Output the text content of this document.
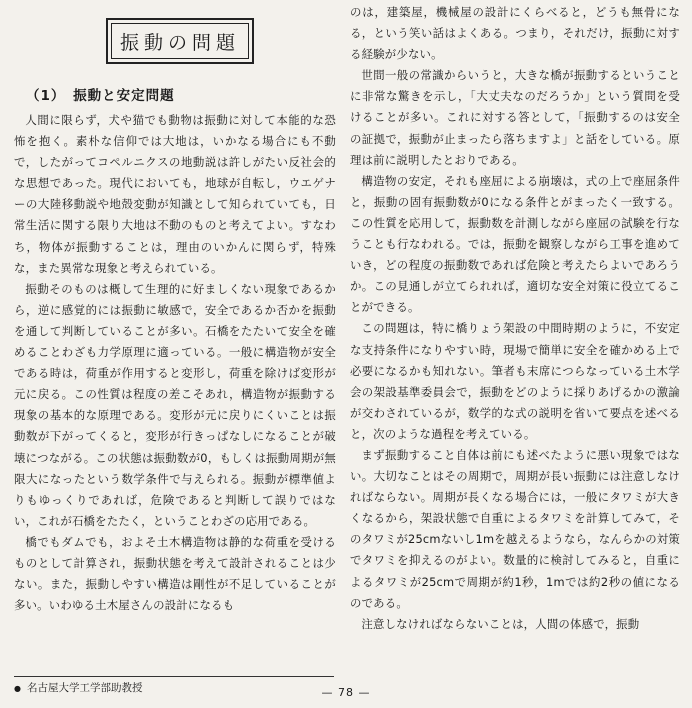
振動の問題
（1）　振動と安定問題

人間に限らず，犬や猫でも動物は振動に対して本能的な恐怖を抱く。素朴な信仰では大地は，いかなる場合にも不動で，したがってコペルニクスの地動説は許しがたい反社会的な思想であった。現代においても，地球が自転し，ウエゲナーの大陸移動説や地殻変動が知識として知られていても，日常生活に関する限り大地は不動のものと考えてよい。すなわち，物体が振動することは，理由のいかんに関らず，特殊な，また異常な現象と考えられている。

振動そのものは概して生理的に好ましくない現象であるから，逆に感覚的には振動に敏感で，安全であるか否かを振動を通して判断していることが多い。石橋をたたいて安全を確めることわざも力学原理に適っている。一般に構造物が安全である時は，荷重が作用すると変形し，荷重を除けば変形が元に戻る。この性質は程度の差こそあれ，構造物が振動する現象の基本的な原理である。変形が元に戻りにくいことは振動数が下がってくると，変形が行きっぱなしになることが破壊につながる。この状態は振動数が0，もしくは振動周期が無限大になったという数学条件で与えられる。振動が標準値よりもゆっくりであれば，危険であると判断して誤りではない，これが石橋をたたく，ということわざの応用である。

橋でもダムでも，およそ土木構造物は静的な荷重を受けるものとして計算され，振動状態を考えて設計されることは少ない。また，振動しやすい構造は剛性が不足していることが多い。いわゆる土木屋さんの設計になるも

のは，建築屋，機械屋の設計にくらべると，どうも無骨になる，という笑い話はよくある。つまり，それだけ，振動に対する経験が少ない。

世間一般の常識からいうと，大きな橋が振動するということに非常な驚きを示し，「大丈夫なのだろうか」という質問を受けることが多い。これに対する答として，「振動するのは安全の証拠で，振動が止まったら落ちますよ」と話をしている。原理は前に説明したとおりである。

構造物の安定，それも座屈による崩壊は，式の上で座屈条件と，振動の固有振動数が0になる条件とがまったく一致する。この性質を応用して，振動数を計測しながら座屈の試験を行なうことも行なわれる。では，振動を観察しながら工事を進めていき，どの程度の振動数であれば危険と考えたらよいであろうか。この見通しが立てられれば，適切な安全対策に役立てることができる。

この問題は，特に橋りょう架設の中間時期のように，不安定な支持条件になりやすい時，現場で簡単に安全を確かめる上で必要になるかも知れない。筆者も末席につらなっている土木学会の架設基準委員会で，振動をどのように採りあげるかの激論が交わされているが，数学的な式の説明を省いて要点を述べると，次のような過程を考えている。

まず振動すること自体は前にも述べたように悪い現象ではない。大切なことはその周期で，周期が長い振動には注意しなければならない。周期が長くなる場合には，一般にタワミが大きくなるから，架設状態で自重によるタワミを計算してみて，そのタワミが25cmないし1mを越えるようなら，なんらかの対策でタワミを抑えるのがよい。数量的に検討してみると，自重によるタワミが25cmで周期が約1秒，1mでは約2秒の値になるのである。

注意しなければならないことは，人間の体感で，振動

● 名古屋大学工学部助教授	— 78 —
